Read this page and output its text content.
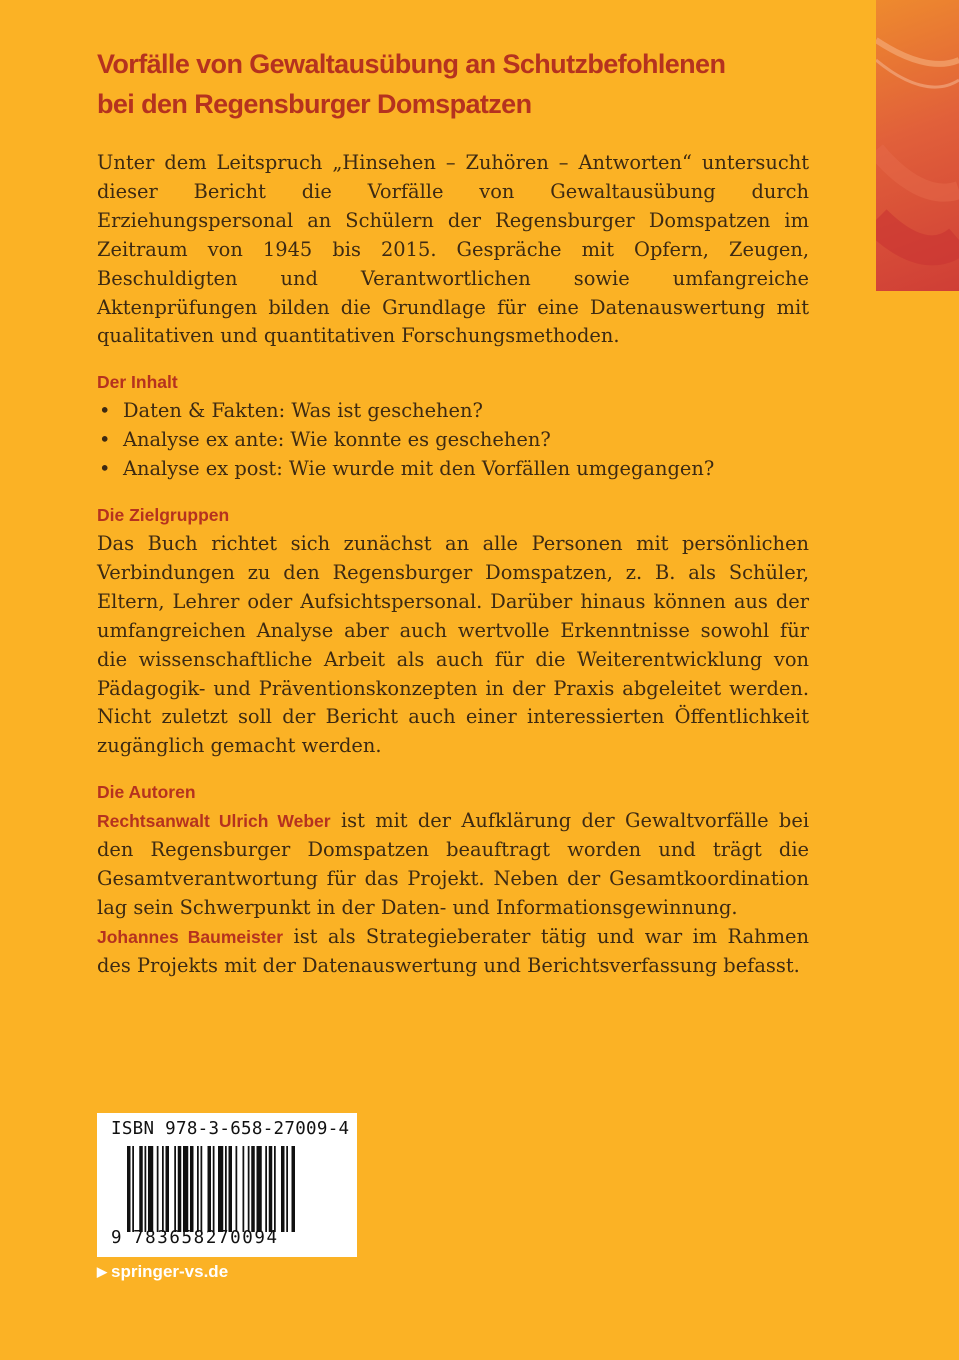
Vorfälle von Gewaltausübung an Schutzbefohlenen
bei den Regensburger Domspatzen

Unter dem Leitspruch „Hinsehen – Zuhören – Antworten“ untersucht dieser Bericht die Vorfälle von Gewaltausübung durch Erziehungspersonal an Schülern der Regensburger Domspatzen im Zeitraum von 1945 bis 2015. Gespräche mit Opfern, Zeugen, Beschuldigten und Verantwortlichen sowie umfangreiche Aktenprüfungen bilden die Grundlage für eine Datenauswertung mit qualitativen und quantitativen Forschungsmethoden.

Der Inhalt
• Daten & Fakten: Was ist geschehen?
• Analyse ex ante: Wie konnte es geschehen?
• Analyse ex post: Wie wurde mit den Vorfällen umgegangen?
Die Zielgruppen

Das Buch richtet sich zunächst an alle Personen mit persönlichen Verbindungen zu den Regensburger Domspatzen, z. B. als Schüler, Eltern, Lehrer oder Aufsichtspersonal. Darüber hinaus können aus der umfangreichen Analyse aber auch wertvolle Erkenntnisse sowohl für die wissenschaftliche Arbeit als auch für die Weiterentwicklung von Pädagogik- und Präventionskonzepten in der Praxis abgeleitet werden. Nicht zuletzt soll der Bericht auch einer interessierten Öffentlichkeit zugänglich gemacht werden.

Die Autoren

Rechtsanwalt Ulrich Weber ist mit der Aufklärung der Gewaltvorfälle bei den Regensburger Domspatzen beauftragt worden und trägt die Gesamtverantwortung für das Projekt. Neben der Gesamtkoordination lag sein Schwerpunkt in der Daten- und Informationsgewinnung.

Johannes Baumeister ist als Strategieberater tätig und war im Rahmen des Projekts mit der Datenauswertung und Berichtsverfassung befasst.

ISBN 978-3-658-27009-4
9 783658270094
▶ springer-vs.de
